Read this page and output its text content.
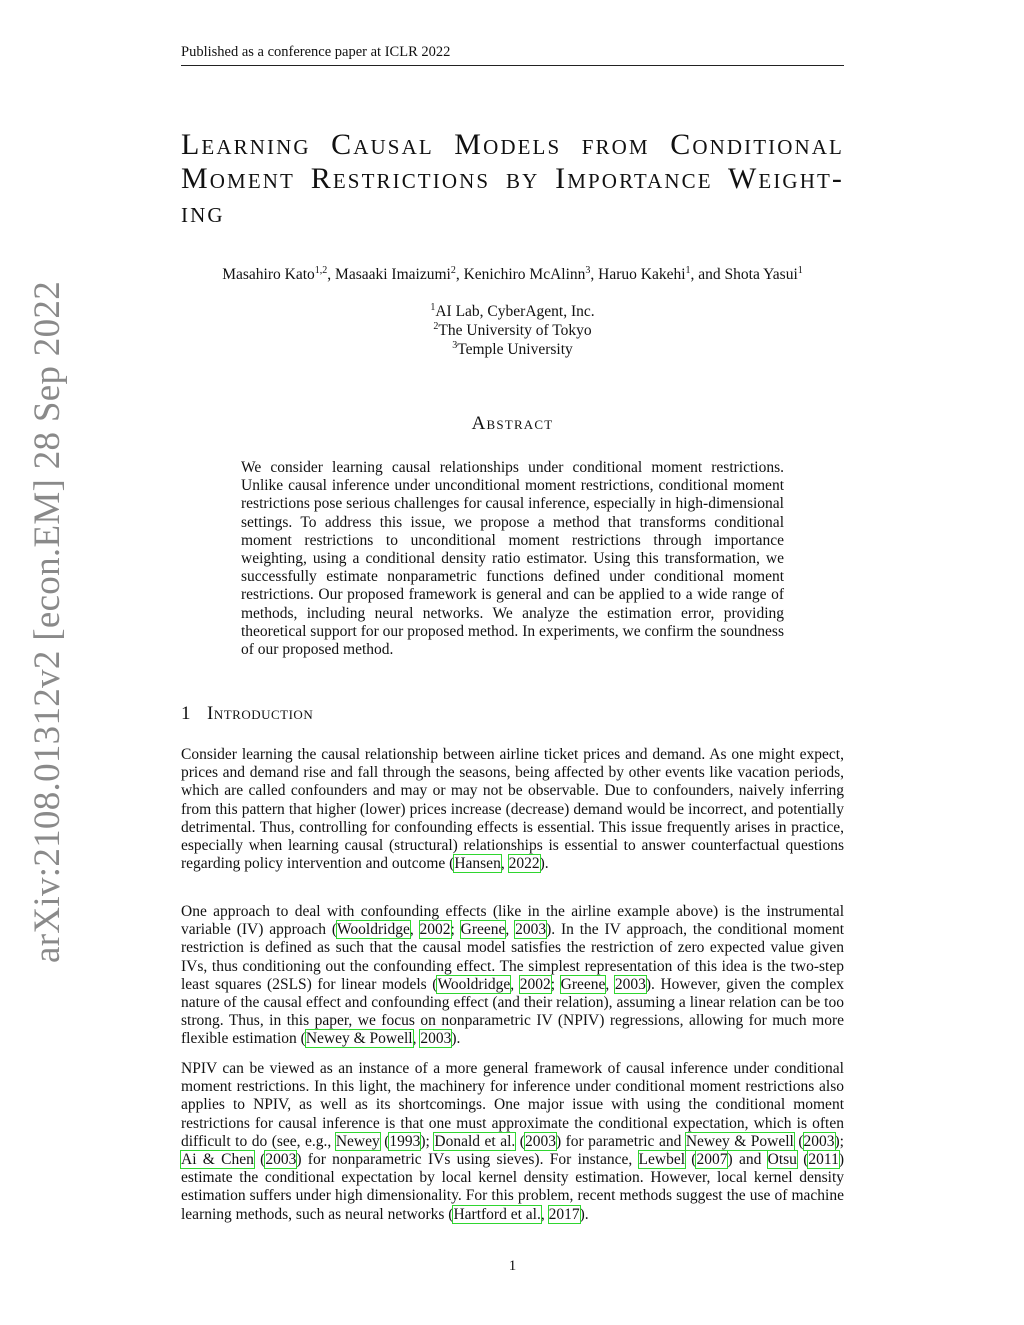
Published as a conference paper at ICLR 2022
arXiv:2108.01312v2 [econ.EM] 28 Sep 2022
Learning Causal Models from Conditional Moment Restrictions by Importance Weight-ing
Masahiro Kato$^{1,2}$, Masaaki Imaizumi$^2$, Kenichiro McAlinn$^3$, Haruo Kakehi$^1$, and Shota Yasui$^1$
$^1$AI Lab, CyberAgent, Inc.
$^2$The University of Tokyo
$^3$Temple University
Abstract
We consider learning causal relationships under conditional moment restrictions. Unlike causal inference under unconditional moment restrictions, conditional moment restrictions pose serious challenges for causal inference, especially in high-dimensional settings. To address this issue, we propose a method that transforms conditional moment restrictions to unconditional moment restrictions through importance weighting, using a conditional density ratio estimator. Using this transformation, we successfully estimate nonparametric functions defined under conditional moment restrictions. Our proposed framework is general and can be applied to a wide range of methods, including neural networks. We analyze the estimation error, providing theoretical support for our proposed method. In experiments, we confirm the soundness of our proposed method.
1 Introduction
Consider learning the causal relationship between airline ticket prices and demand. As one might expect, prices and demand rise and fall through the seasons, being affected by other events like vacation periods, which are called confounders and may or may not be observable. Due to confounders, naively inferring from this pattern that higher (lower) prices increase (decrease) demand would be incorrect, and potentially detrimental. Thus, controlling for confounding effects is essential. This issue frequently arises in practice, especially when learning causal (structural) relationships is essential to answer counterfactual questions regarding policy intervention and outcome (Hansen, 2022).
One approach to deal with confounding effects (like in the airline example above) is the instrumental variable (IV) approach (Wooldridge, 2002; Greene, 2003). In the IV approach, the conditional moment restriction is defined as such that the causal model satisfies the restriction of zero expected value given IVs, thus conditioning out the confounding effect. The simplest representation of this idea is the two-step least squares (2SLS) for linear models (Wooldridge, 2002; Greene, 2003). However, given the complex nature of the causal effect and confounding effect (and their relation), assuming a linear relation can be too strong. Thus, in this paper, we focus on nonparametric IV (NPIV) regressions, allowing for much more flexible estimation (Newey & Powell, 2003).
NPIV can be viewed as an instance of a more general framework of causal inference under conditional moment restrictions. In this light, the machinery for inference under conditional moment restrictions also applies to NPIV, as well as its shortcomings. One major issue with using the conditional moment restrictions for causal inference is that one must approximate the conditional expectation, which is often difficult to do (see, e.g., Newey (1993); Donald et al. (2003) for parametric and Newey & Powell (2003); Ai & Chen (2003) for nonparametric IVs using sieves). For instance, Lewbel (2007) and Otsu (2011) estimate the conditional expectation by local kernel density estimation. However, local kernel density estimation suffers under high dimensionality. For this problem, recent methods suggest the use of machine learning methods, such as neural networks (Hartford et al., 2017).
1
